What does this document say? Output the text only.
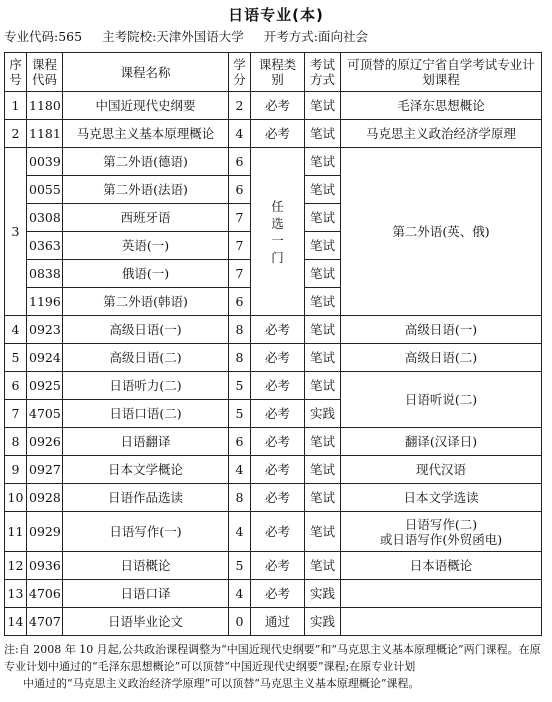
日语专业(本)
专业代码:565 主考院校:天津外国语大学 开考方式:面向社会
序号	课程代码	课程名称	学分	课程类别	考试方式	可顶替的原辽宁省自学考试专业计划课程
1	1180	中国近现代史纲要	2	必考	笔试	毛泽东思想概论
2	1181	马克思主义基本原理概论	4	必考	笔试	马克思主义政治经济学原理
3	0039	第二外语(德语)	6	任选一门	笔试	第二外语(英、俄)
	0055	第二外语(法语)	6		笔试	
	0308	西班牙语	7		笔试	
	0363	英语(一)	7		笔试	
	0838	俄语(一)	7		笔试	
	1196	第二外语(韩语)	6		笔试	
4	0923	高级日语(一)	8	必考	笔试	高级日语(一)
5	0924	高级日语(二)	8	必考	笔试	高级日语(二)
6	0925	日语听力(二)	5	必考	笔试	日语听说(二)
7	4705	日语口语(二)	5	必考	实践	
8	0926	日语翻译	6	必考	笔试	翻译(汉译日)
9	0927	日本文学概论	4	必考	笔试	现代汉语
10	0928	日语作品选读	8	必考	笔试	日本文学选读
11	0929	日语写作(一)	4	必考	笔试	日语写作(二)
或日语写作(外贸函电)

12	0936	日语概论	5	必考	笔试	日本语概论
13	4706	日语口译	4	必考	实践	
14	4707	日语毕业论文	0	通过	实践	
注:自 2008 年 10 月起,公共政治课程调整为“中国近现代史纲要”和“马克思主义基本原理概论”两门课程。在原专业计划中通过的“毛泽东思想概论”可以顶替“中国近现代史纲要”课程;在原专业计划
中通过的“马克思主义政治经济学原理”可以顶替“马克思主义基本原理概论”课程。
